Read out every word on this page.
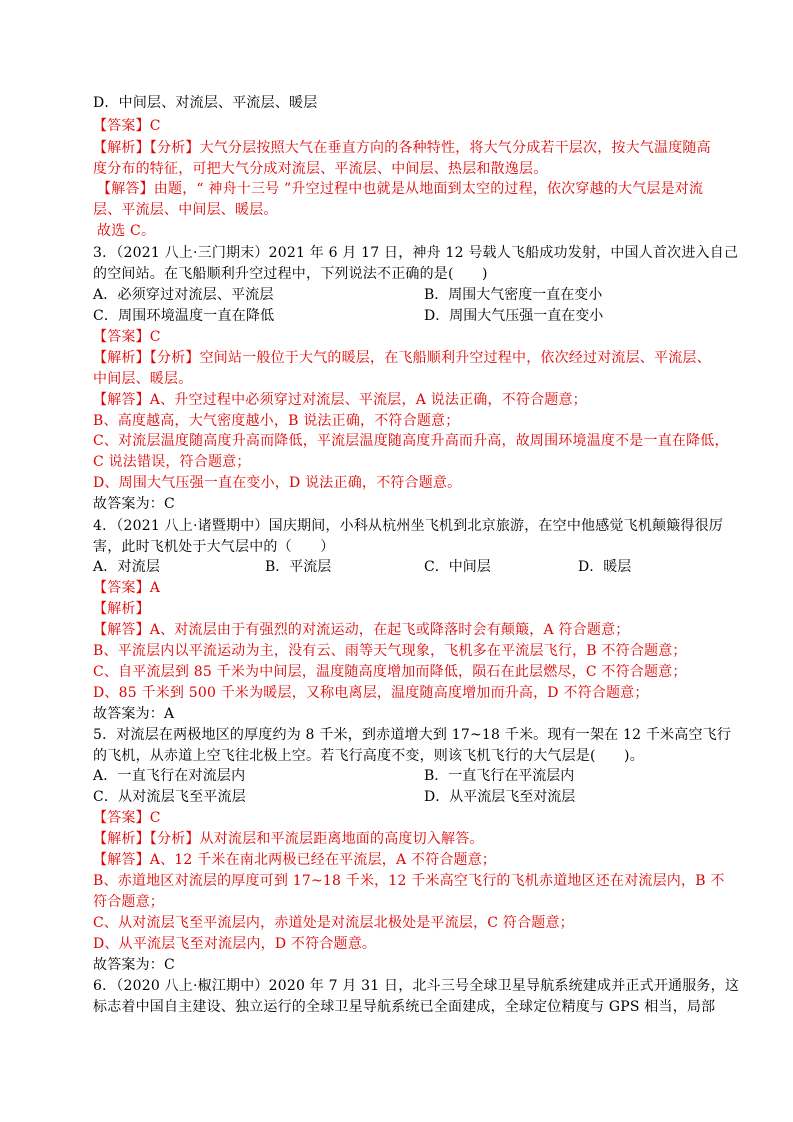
D．中间层、对流层、平流层、暖层
【答案】C
【解析】【分析】大气分层按照大气在垂直方向的各种特性，将大气分成若干层次，按大气温度随高
度分布的特征，可把大气分成对流层、平流层、中间层、热层和散逸层。
【解答】由题，“ 神舟十三号 ”升空过程中也就是从地面到太空的过程，依次穿越的大气层是对流
层、平流层、中间层、暖层。
故选 C。
3．（2021 八上·三门期末）2021 年 6 月 17 日，神舟 12 号载人飞船成功发射，中国人首次进入自己
的空间站。在飞船顺利升空过程中，下列说法不正确的是(　　)
A．必须穿过对流层、平流层	B．周围大气密度一直在变小
C．周围环境温度一直在降低	D．周围大气压强一直在变小
【答案】C
【解析】【分析】空间站一般位于大气的暖层，在飞船顺利升空过程中，依次经过对流层、平流层、
中间层、暖层。
【解答】A、升空过程中必须穿过对流层、平流层，A 说法正确，不符合题意；
B、高度越高，大气密度越小，B 说法正确，不符合题意；
C、对流层温度随高度升高而降低，平流层温度随高度升高而升高，故周围环境温度不是一直在降低，
C 说法错误，符合题意；
D、周围大气压强一直在变小，D 说法正确，不符合题意。
故答案为：C
4．（2021 八上·诸暨期中）国庆期间，小科从杭州坐飞机到北京旅游，在空中他感觉飞机颠簸得很厉
害，此时飞机处于大气层中的（　　）
A．对流层	B．平流层	C．中间层	D．暖层
【答案】A
【解析】
【解答】A、对流层由于有强烈的对流运动，在起飞或降落时会有颠簸，A 符合题意；
B、平流层内以平流运动为主，没有云、雨等天气现象，飞机多在平流层飞行，B 不符合题意；
C、自平流层到 85 千米为中间层，温度随高度增加而降低，陨石在此层燃尽，C 不符合题意；
D、85 千米到 500 千米为暖层，又称电离层，温度随高度增加而升高，D 不符合题意；
故答案为：A
5．对流层在两极地区的厚度约为 8 千米，到赤道增大到 17~18 千米。现有一架在 12 千米高空飞行
的飞机，从赤道上空飞往北极上空。若飞行高度不变，则该飞机飞行的大气层是(　　)。
A．一直飞行在对流层内	B．一直飞行在平流层内
C．从对流层飞至平流层	D．从平流层飞至对流层
【答案】C
【解析】【分析】从对流层和平流层距离地面的高度切入解答。
【解答】A、12 千米在南北两极已经在平流层，A 不符合题意；
B、赤道地区对流层的厚度可到 17~18 千米，12 千米高空飞行的飞机赤道地区还在对流层内，B 不
符合题意；
C、从对流层飞至平流层内，赤道处是对流层北极处是平流层，C 符合题意；
D、从平流层飞至对流层内，D 不符合题意。
故答案为：C
6．（2020 八上·椒江期中）2020 年 7 月 31 日，北斗三号全球卫星导航系统建成并正式开通服务，这
标志着中国自主建设、独立运行的全球卫星导航系统已全面建成，全球定位精度与 GPS 相当，局部
